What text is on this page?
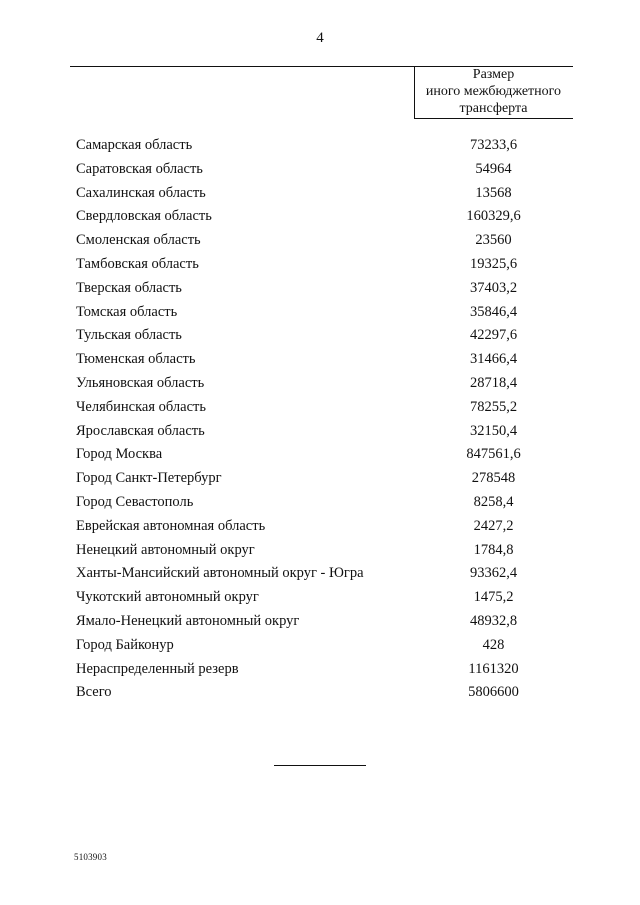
4
Размер
иного межбюджетного
трансферта
Самарская область	73233,6
Саратовская область	54964
Сахалинская область	13568
Свердловская область	160329,6
Смоленская область	23560
Тамбовская область	19325,6
Тверская область	37403,2
Томская область	35846,4
Тульская область	42297,6
Тюменская область	31466,4
Ульяновская область	28718,4
Челябинская область	78255,2
Ярославская область	32150,4
Город Москва	847561,6
Город Санкт-Петербург	278548
Город Севастополь	8258,4
Еврейская автономная область	2427,2
Ненецкий автономный округ	1784,8
Ханты-Мансийский автономный округ - Югра	93362,4
Чукотский автономный округ	1475,2
Ямало-Ненецкий автономный округ	48932,8
Город Байконур	428
Нераспределенный резерв	1161320
Всего	5806600
5103903
